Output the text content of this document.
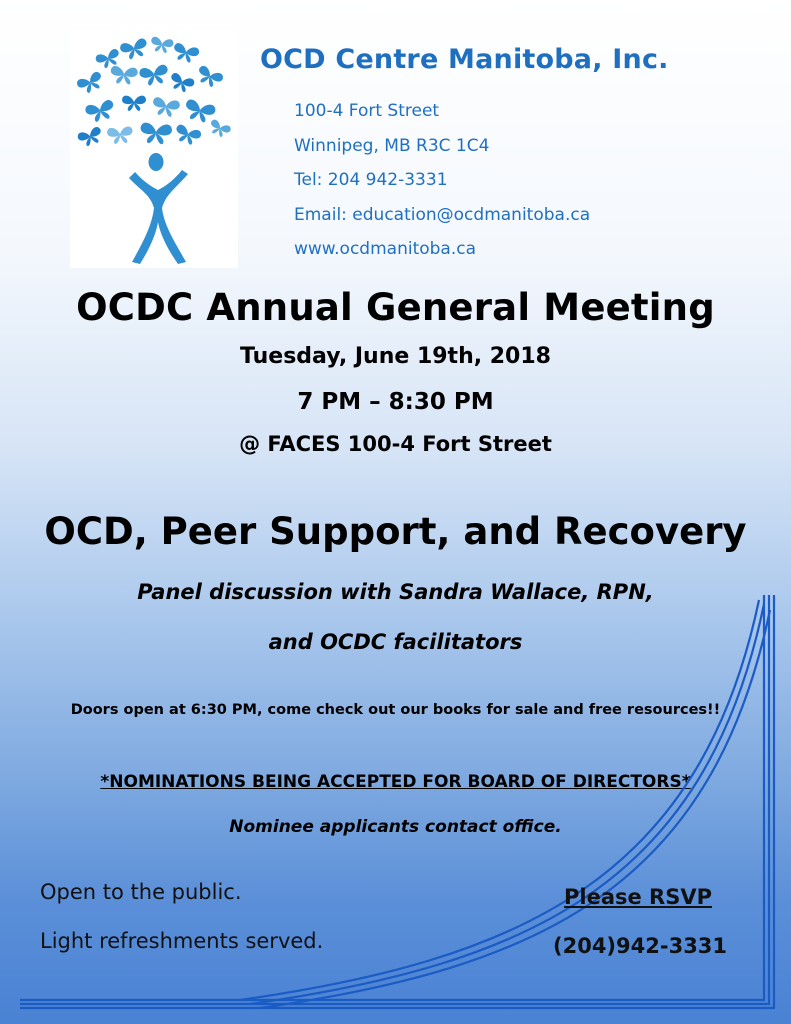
OCD Centre Manitoba, Inc.
100-4 Fort Street
Winnipeg, MB R3C 1C4
Tel: 204 942-3331
Email: education@ocdmanitoba.ca
www.ocdmanitoba.ca
OCDC Annual General Meeting
Tuesday, June 19th, 2018
7 PM – 8:30 PM
@ FACES 100-4 Fort Street
OCD, Peer Support, and Recovery
Panel discussion with Sandra Wallace, RPN,
and OCDC facilitators
Doors open at 6:30 PM, come check out our books for sale and free resources!!
*NOMINATIONS BEING ACCEPTED FOR BOARD OF DIRECTORS*
Nominee applicants contact office.
Open to the public.
Light refreshments served.
Please RSVP
(204)942-3331
